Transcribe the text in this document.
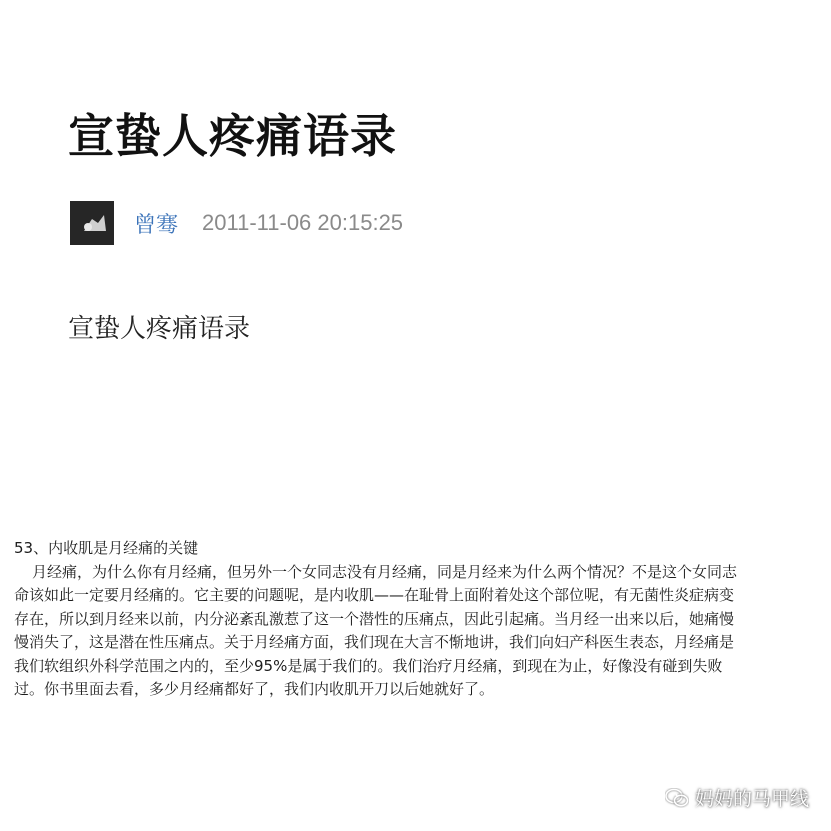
宣蛰人疼痛语录
曾骞 2011-11-06 20:15:25
宣蛰人疼痛语录
53、内收肌是月经痛的关键
月经痛，为什么你有月经痛，但另外一个女同志没有月经痛，同是月经来为什么两个情况？不是这个女同志
命该如此一定要月经痛的。它主要的问题呢，是内收肌——在耻骨上面附着处这个部位呢，有无菌性炎症病变
存在，所以到月经来以前，内分泌紊乱激惹了这一个潜性的压痛点，因此引起痛。当月经一出来以后，她痛慢
慢消失了，这是潜在性压痛点。关于月经痛方面，我们现在大言不惭地讲，我们向妇产科医生表态，月经痛是
我们软组织外科学范围之内的，至少95%是属于我们的。我们治疗月经痛，到现在为止，好像没有碰到失败
过。你书里面去看，多少月经痛都好了，我们内收肌开刀以后她就好了。
妈妈的马甲线
